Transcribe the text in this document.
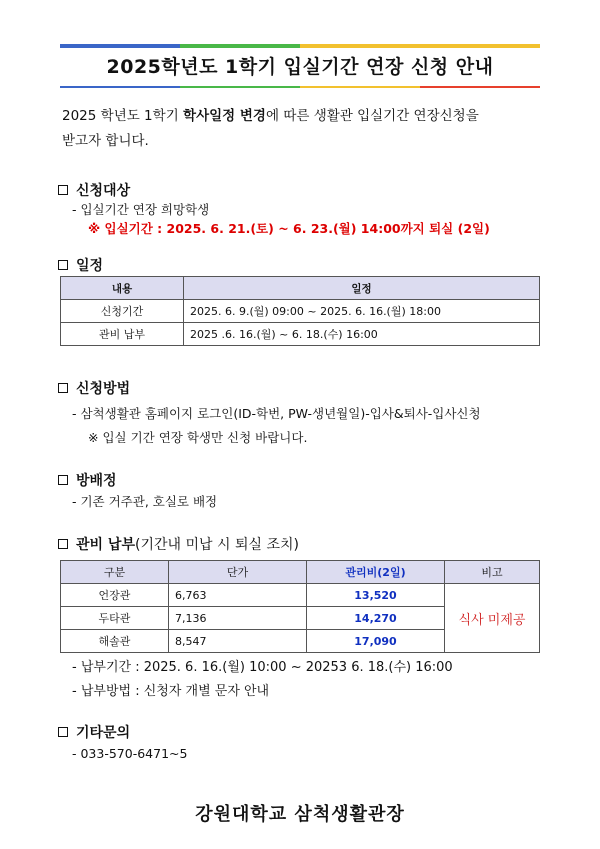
2025학년도 1학기 입실기간 연장 신청 안내
2025 학년도 1학기 학사일정 변경에 따른 생활관 입실기간 연장신청을
받고자 합니다.
신청대상
- 입실기간 연장 희망학생
※ 입실기간 : 2025. 6. 21.(토) ~ 6. 23.(월) 14:00까지 퇴실 (2일)
일정
내용	일정
신청기간	2025. 6. 9.(월) 09:00 ~ 2025. 6. 16.(월) 18:00
관비 납부	2025 .6. 16.(월) ~ 6. 18.(수) 16:00
신청방법
- 삼척생활관 홈페이지 로그인(ID-학번, PW-생년월일)-입사&퇴사-입사신청
※ 입실 기간 연장 학생만 신청 바랍니다.
방배정
- 기존 거주관, 호실로 배정
관비 납부 (기간내 미납 시 퇴실 조치)
구분	단가	관리비(2일)	비고
언장관	6,763	13,520	식사 미제공
두타관	7,136	14,270	
해솔관	8,547	17,090	
- 납부기간 : 2025. 6. 16.(월) 10:00 ~ 20253 6. 18.(수) 16:00
- 납부방법 : 신청자 개별 문자 안내
기타문의
- 033-570-6471~5
강원대학교 삼척생활관장
